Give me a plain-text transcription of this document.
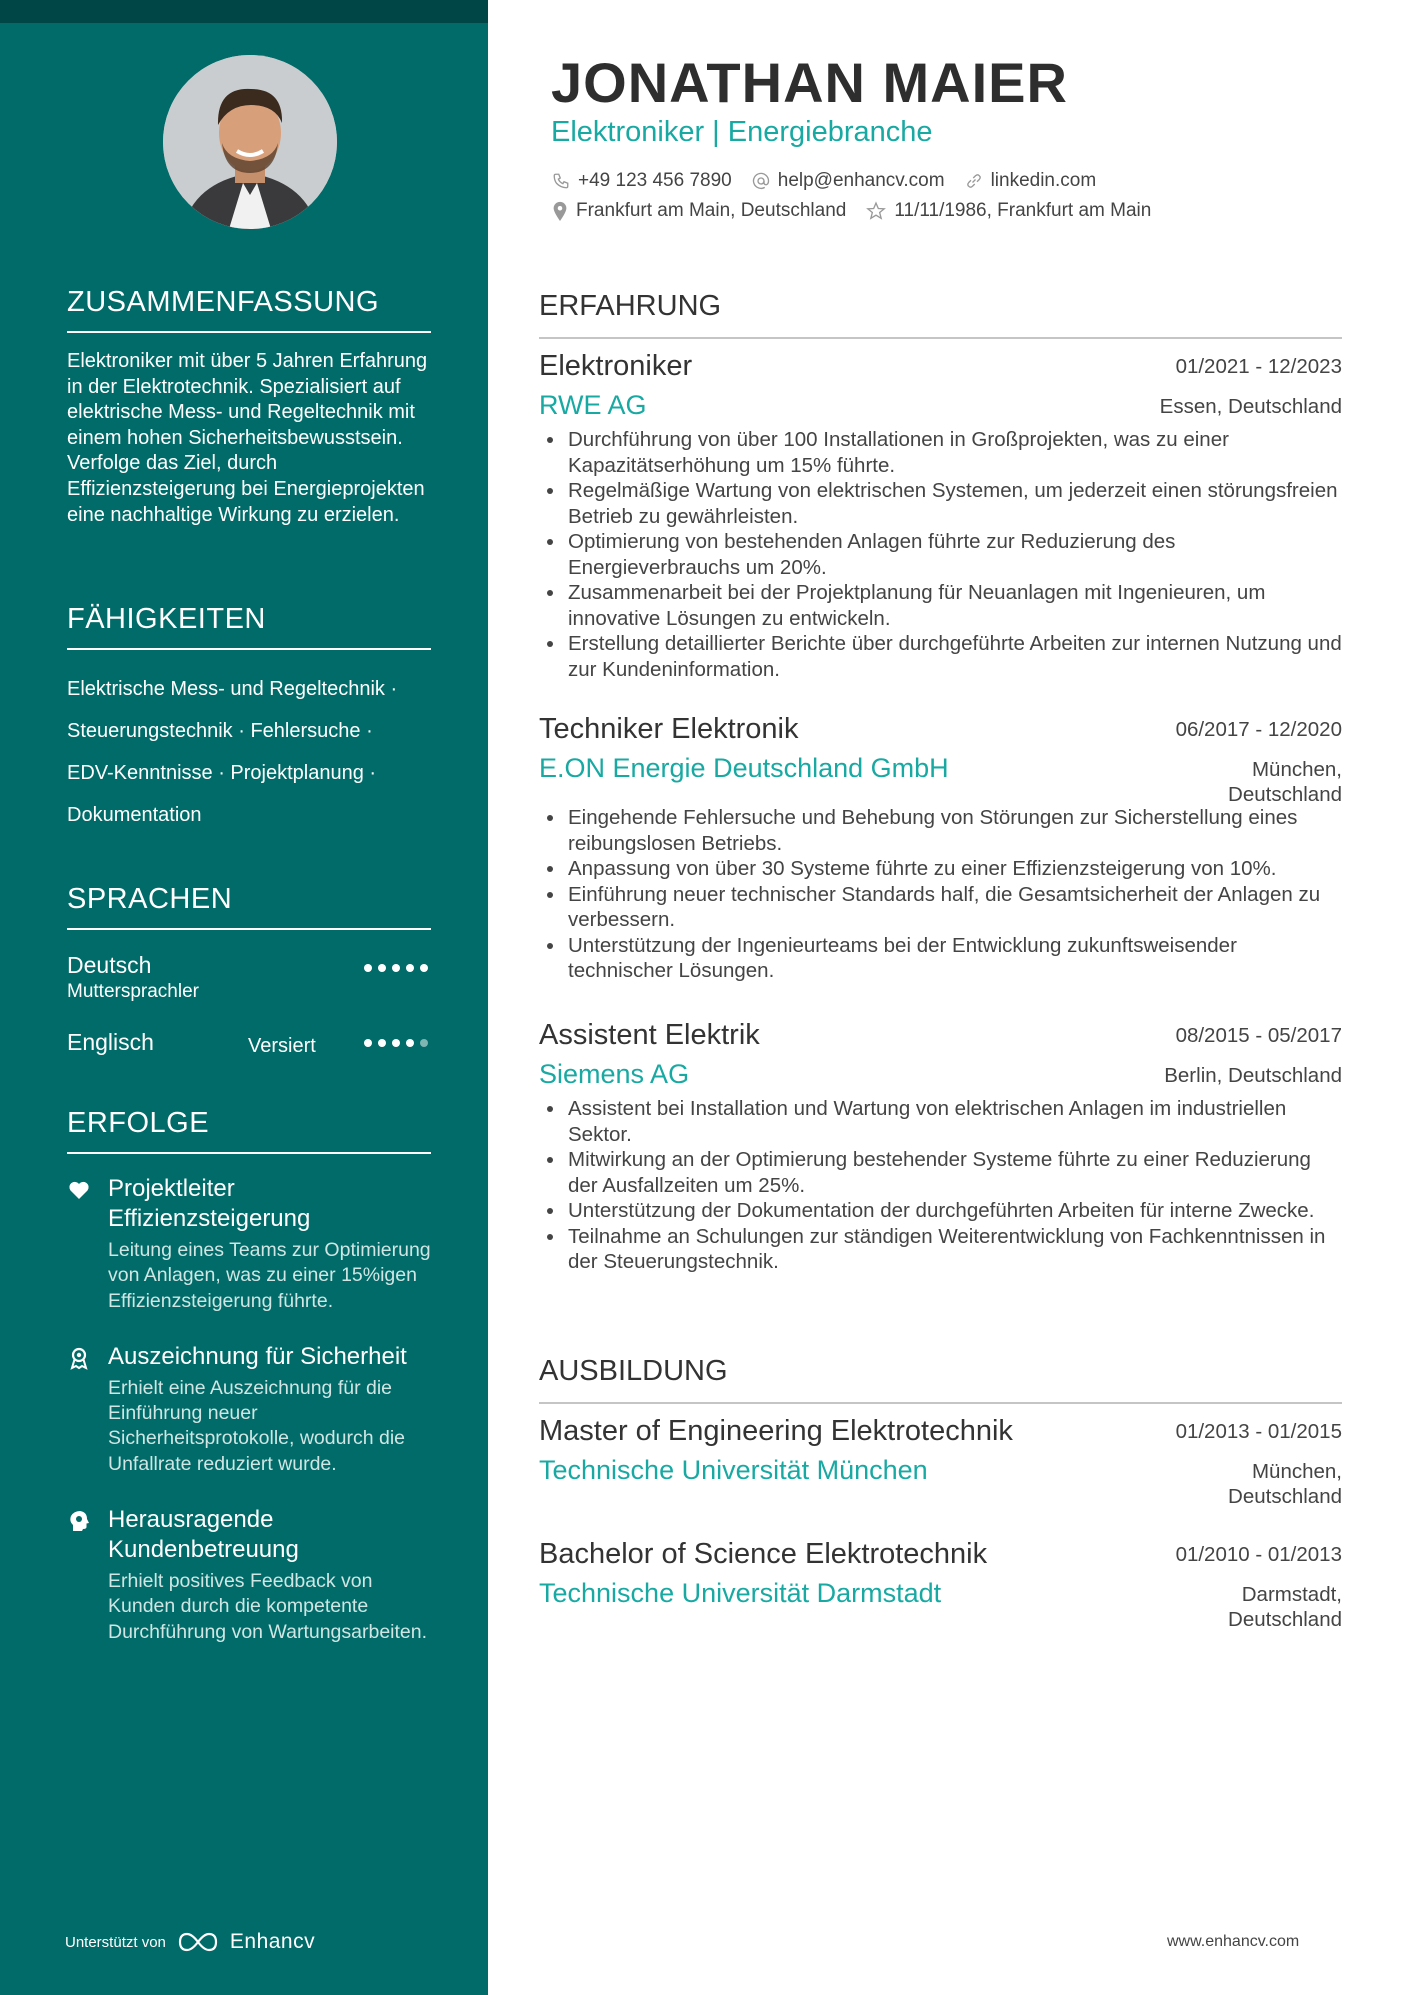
ZUSAMMENFASSUNG
Elektroniker mit über 5 Jahren Erfahrung in der Elektrotechnik. Spezialisiert auf elektrische Mess- und Regeltechnik mit einem hohen Sicherheitsbewusstsein. Verfolge das Ziel, durch Effizienzsteigerung bei Energieprojekten eine nachhaltige Wirkung zu erzielen.
FÄHIGKEITEN
Elektrische Mess- und Regeltechnik ·
Steuerungstechnik · Fehlersuche ·
EDV-Kenntnisse · Projektplanung ·
Dokumentation
SPRACHEN
Deutsch
Muttersprachler
Englisch	Versiert
ERFOLGE
Projektleiter Effizienzsteigerung
Leitung eines Teams zur Optimierung von Anlagen, was zu einer 15%igen Effizienzsteigerung führte.
Auszeichnung für Sicherheit
Erhielt eine Auszeichnung für die Einführung neuer Sicherheitsprotokolle, wodurch die Unfallrate reduziert wurde.
Herausragende Kundenbetreuung
Erhielt positives Feedback von Kunden durch die kompetente Durchführung von Wartungsarbeiten.
Unterstützt von	Enhancv
JONATHAN MAIER
Elektroniker | Energiebranche
+49 123 456 7890 help@enhancv.com linkedin.com
Frankfurt am Main, Deutschland	11/11/1986, Frankfurt am Main
ERFAHRUNG
Elektroniker	01/2021 - 12/2023
RWE AG	Essen, Deutschland
• Durchführung von über 100 Installationen in Großprojekten, was zu einer Kapazitätserhöhung um 15% führte.
• Regelmäßige Wartung von elektrischen Systemen, um jederzeit einen störungsfreien Betrieb zu gewährleisten.
• Optimierung von bestehenden Anlagen führte zur Reduzierung des Energieverbrauchs um 20%.
• Zusammenarbeit bei der Projektplanung für Neuanlagen mit Ingenieuren, um innovative Lösungen zu entwickeln.
• Erstellung detaillierter Berichte über durchgeführte Arbeiten zur internen Nutzung und zur Kundeninformation.
Techniker Elektronik	06/2017 - 12/2020
E.ON Energie Deutschland GmbH	München,
Deutschland
• Eingehende Fehlersuche und Behebung von Störungen zur Sicherstellung eines reibungslosen Betriebs.
• Anpassung von über 30 Systeme führte zu einer Effizienzsteigerung von 10%.
• Einführung neuer technischer Standards half, die Gesamtsicherheit der Anlagen zu verbessern.
• Unterstützung der Ingenieurteams bei der Entwicklung zukunftsweisender technischer Lösungen.
Assistent Elektrik	08/2015 - 05/2017
Siemens AG	Berlin, Deutschland
• Assistent bei Installation und Wartung von elektrischen Anlagen im industriellen Sektor.
• Mitwirkung an der Optimierung bestehender Systeme führte zu einer Reduzierung der Ausfallzeiten um 25%.
• Unterstützung der Dokumentation der durchgeführten Arbeiten für interne Zwecke.
• Teilnahme an Schulungen zur ständigen Weiterentwicklung von Fachkenntnissen in der Steuerungstechnik.
AUSBILDUNG
Master of Engineering Elektrotechnik	01/2013 - 01/2015
Technische Universität München	München,
Deutschland
Bachelor of Science Elektrotechnik	01/2010 - 01/2013
Technische Universität Darmstadt	Darmstadt,
Deutschland
www.enhancv.com
